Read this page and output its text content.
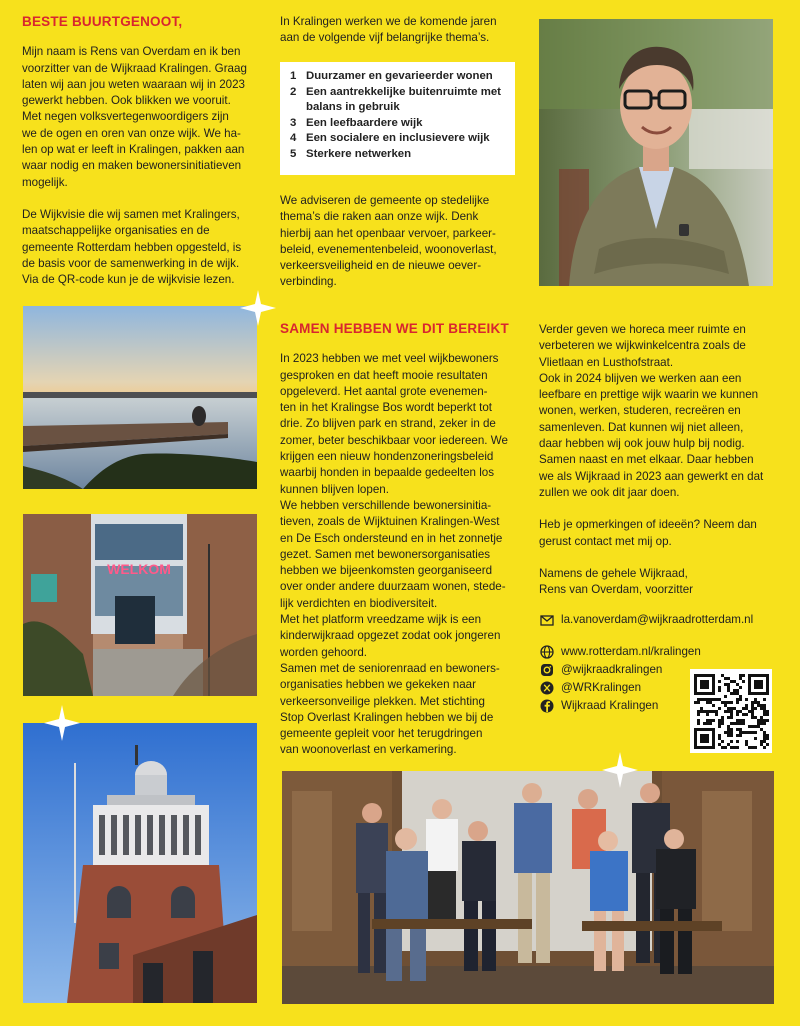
BESTE BUURTGENOOT,

Mijn naam is Rens van Overdam en ik ben
voorzitter van de Wijkraad Kralingen. Graag
laten wij aan jou weten waaraan wij in 2023
gewerkt hebben. Ook blikken we vooruit.
Met negen volksvertegenwoordigers zijn
we de ogen en oren van onze wijk. We ha-
len op wat er leeft in Kralingen, pakken aan
waar nodig en maken bewonersinitiatieven
mogelijk.

De Wijkvisie die wij samen met Kralingers,
maatschappelijke organisaties en de
gemeente Rotterdam hebben opgesteld, is
de basis voor de samenwerking in de wijk.
Via de QR-code kun je de wijkvisie lezen.

In Kralingen werken we de komende jaren
aan de volgende vijf belangrijke thema’s.

1 Duurzamer en gevarieerder wonen
2 Een aantrekkelijke buitenruimte met
balans in gebruik
3 Een leefbaardere wijk
4 Een socialere en inclusievere wijk
5 Sterkere netwerken

We adviseren de gemeente op stedelijke
thema’s die raken aan onze wijk. Denk
hierbij aan het openbaar vervoer, parkeer-
beleid, evenementenbeleid, woonoverlast,
verkeersveiligheid en de nieuwe oever-
verbinding.

SAMEN HEBBEN WE DIT BEREIKT

In 2023 hebben we met veel wijkbewoners
gesproken en dat heeft mooie resultaten
opgeleverd. Het aantal grote evenemen-
ten in het Kralingse Bos wordt beperkt tot
drie. Zo blijven park en strand, zeker in de
zomer, beter beschikbaar voor iedereen. We
krijgen een nieuw hondenzoneringsbeleid
waarbij honden in bepaalde gedeelten los
kunnen blijven lopen.
We hebben verschillende bewonersinitia-
tieven, zoals de Wijktuinen Kralingen-West
en De Esch ondersteund en in het zonnetje
gezet. Samen met bewonersorganisaties
hebben we bijeenkomsten georganiseerd
over onder andere duurzaam wonen, stede-
lijk verdichten en biodiversiteit.
Met het platform vreedzame wijk is een
kinderwijkraad opgezet zodat ook jongeren
worden gehoord.
Samen met de seniorenraad en bewoners-
organisaties hebben we gekeken naar
verkeersonveilige plekken. Met stichting
Stop Overlast Kralingen hebben we bij de
gemeente gepleit voor het terugdringen
van woonoverlast en verkamering.

Verder geven we horeca meer ruimte en
verbeteren we wijkwinkelcentra zoals de
Vlietlaan en Lusthofstraat.
Ook in 2024 blijven we werken aan een
leefbare en prettige wijk waarin we kunnen
wonen, werken, studeren, recreëren en
samenleven. Dat kunnen wij niet alleen,
daar hebben wij ook jouw hulp bij nodig.
Samen naast en met elkaar. Daar hebben
we als Wijkraad in 2023 aan gewerkt en dat
zullen we ook dit jaar doen.

Heb je opmerkingen of ideeën? Neem dan
gerust contact met mij op.

Namens de gehele Wijkraad,
Rens van Overdam, voorzitter

la.vanoverdam@wijkraadrotterdam.nl
www.rotterdam.nl/kralingen
@wijkraadkralingen
@WRKralingen
Wijkraad Kralingen
WELKOM
